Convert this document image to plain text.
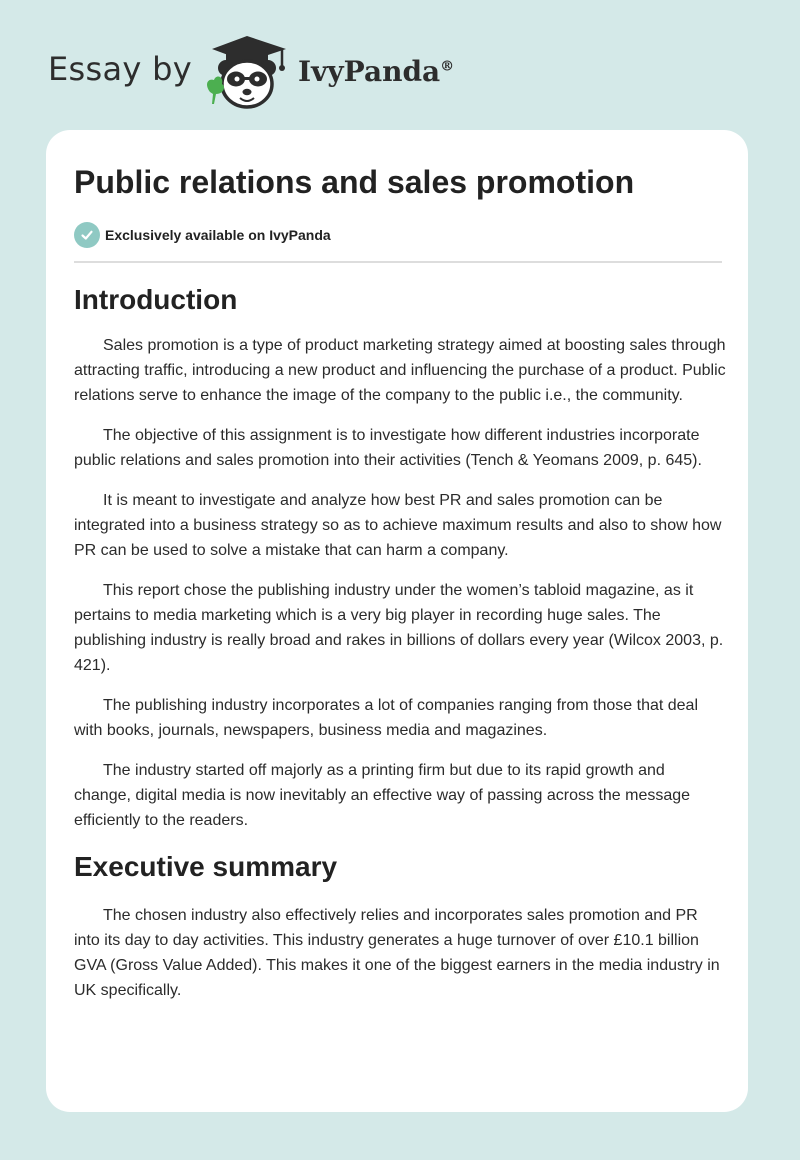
Essay by	IvyPanda®
Public relations and sales promotion
Exclusively available on IvyPanda
Introduction

Sales promotion is a type of product marketing strategy aimed at boosting sales through attracting traffic, introducing a new product and influencing the purchase of a product. Public relations serve to enhance the image of the company to the public i.e., the community.

The objective of this assignment is to investigate how different industries incorporate public relations and sales promotion into their activities (Tench & Yeomans 2009, p. 645).

It is meant to investigate and analyze how best PR and sales promotion can be integrated into a business strategy so as to achieve maximum results and also to show how PR can be used to solve a mistake that can harm a company.

This report chose the publishing industry under the women’s tabloid magazine, as it pertains to media marketing which is a very big player in recording huge sales. The publishing industry is really broad and rakes in billions of dollars every year (Wilcox 2003, p. 421).

The publishing industry incorporates a lot of companies ranging from those that deal with books, journals, newspapers, business media and magazines.

The industry started off majorly as a printing firm but due to its rapid growth and change, digital media is now inevitably an effective way of passing across the message efficiently to the readers.

Executive summary

The chosen industry also effectively relies and incorporates sales promotion and PR into its day to day activities. This industry generates a huge turnover of over £10.1 billion GVA (Gross Value Added). This makes it one of the biggest earners in the media industry in UK specifically.
